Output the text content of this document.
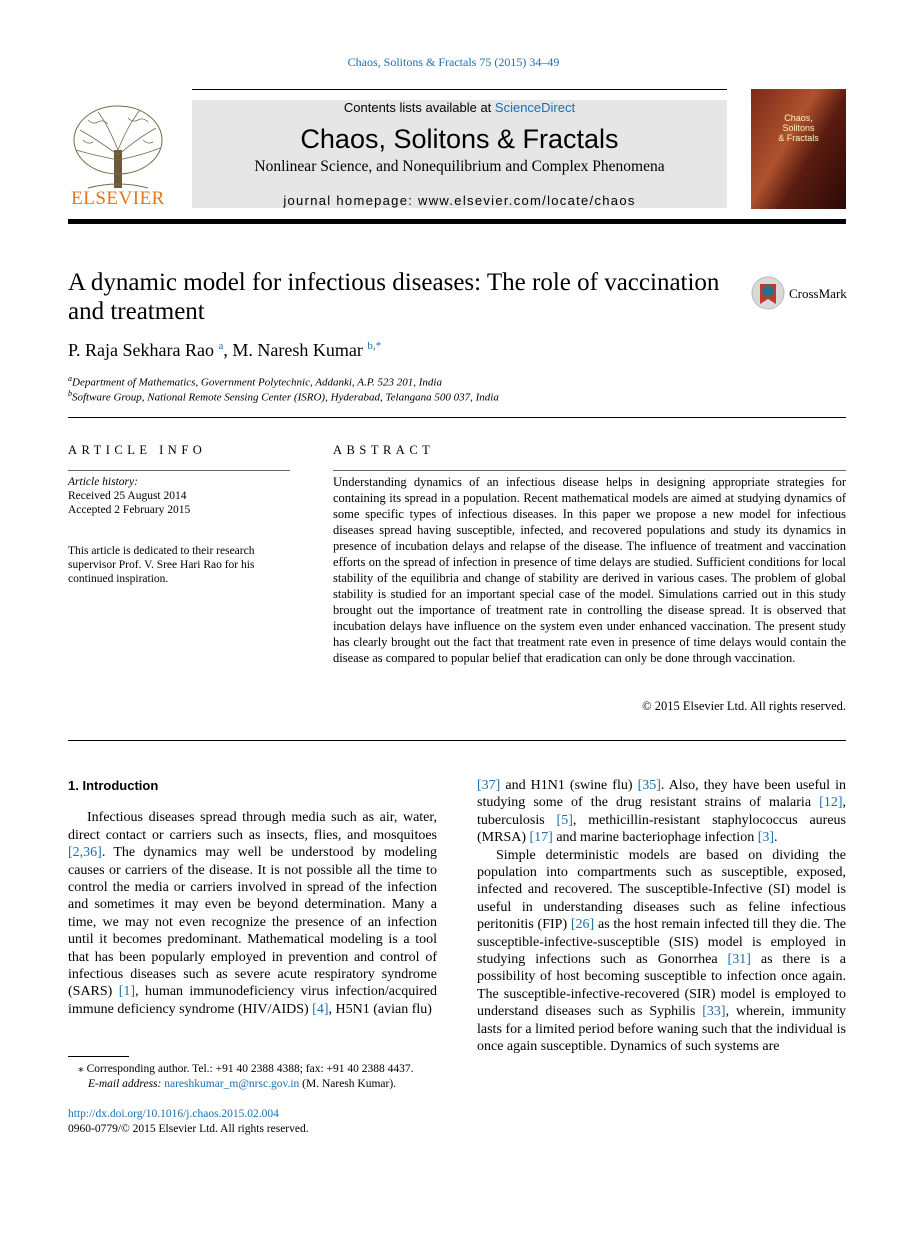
Chaos, Solitons & Fractals 75 (2015) 34–49
Contents lists available at ScienceDirect
Chaos, Solitons & Fractals
Nonlinear Science, and Nonequilibrium and Complex Phenomena
journal homepage: www.elsevier.com/locate/chaos
ELSEVIER
Chaos,
Solitons
& Fractals
A dynamic model for infectious diseases: The role of vaccination and treatment
CrossMark
P. Raja Sekhara Rao $^a$, M. Naresh Kumar $^{b,*}$
$^a$Department of Mathematics, Government Polytechnic, Addanki, A.P. 523 201, India
$^b$Software Group, National Remote Sensing Center (ISRO), Hyderabad, Telangana 500 037, India
ARTICLE INFO
Article history:
Received 25 August 2014
Accepted 2 February 2015
This article is dedicated to their research supervisor Prof. V. Sree Hari Rao for his continued inspiration.
ABSTRACT
Understanding dynamics of an infectious disease helps in designing appropriate strategies for containing its spread in a population. Recent mathematical models are aimed at studying dynamics of some specific types of infectious diseases. In this paper we propose a new model for infectious diseases spread having susceptible, infected, and recovered populations and study its dynamics in presence of incubation delays and relapse of the disease. The influence of treatment and vaccination efforts on the spread of infection in presence of time delays are studied. Sufficient conditions for local stability of the equilibria and change of stability are derived in various cases. The problem of global stability is studied for an important special case of the model. Simulations carried out in this study brought out the importance of treatment rate in controlling the disease spread. It is observed that incubation delays have influence on the system even under enhanced vaccination. The present study has clearly brought out the fact that treatment rate even in presence of time delays would contain the disease as compared to popular belief that eradication can only be done through vaccination.
© 2015 Elsevier Ltd. All rights reserved.

1. Introduction

Infectious diseases spread through media such as air, water, direct contact or carriers such as insects, flies, and mosquitoes [2,36]. The dynamics may well be understood by modeling causes or carriers of the disease. It is not possible all the time to control the media or carriers involved in spread of the infection and sometimes it may even be beyond determination. Many a time, we may not even recognize the presence of an infection until it becomes predominant. Mathematical modeling is a tool that has been popularly employed in prevention and control of infectious diseases such as severe acute respiratory syndrome (SARS) [1], human immunodeficiency virus infection/acquired immune deficiency syndrome (HIV/AIDS) [4], H5N1 (avian flu)

[37] and H1N1 (swine flu) [35]. Also, they have been useful in studying some of the drug resistant strains of malaria [12], tuberculosis [5], methicillin-resistant staphylococcus aureus (MRSA) [17] and marine bacteriophage infection [3].

Simple deterministic models are based on dividing the population into compartments such as susceptible, exposed, infected and recovered. The susceptible-Infective (SI) model is useful in understanding diseases such as feline infectious peritonitis (FIP) [26] as the host remain infected till they die. The susceptible-infective-susceptible (SIS) model is employed in studying infections such as Gonorrhea [31] as there is a possibility of host becoming susceptible to infection once again. The susceptible-infective-recovered (SIR) model is employed to understand diseases such as Syphilis [33], wherein, immunity lasts for a limited period before waning such that the individual is once again susceptible. Dynamics of such systems are

⁎ Corresponding author. Tel.: +91 40 2388 4388; fax: +91 40 2388 4437.
E-mail address: nareshkumar_m@nrsc.gov.in (M. Naresh Kumar).
http://dx.doi.org/10.1016/j.chaos.2015.02.004
0960-0779/© 2015 Elsevier Ltd. All rights reserved.
